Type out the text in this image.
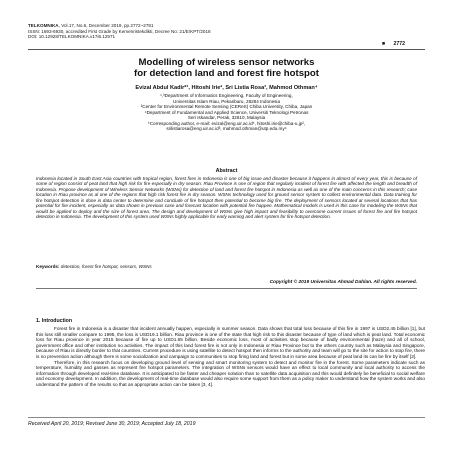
TELKOMNIKA, Vol.17, No.6, December 2019, pp.2772~2781
ISSN: 1693-6930, accredited First Grade by Kemenristekdikti, Decree No: 21/E/KPT/2018
DOI: 10.12928/TELKOMNIKA.v17i6.12971
■ 2772
Modelling of wireless sensor networks
for detection land and forest fire hotspot
Evizal Abdul Kadir*¹, Hitoshi Irie², Sri Listia Rosa³, Mahmod Othman⁴
¹,³Department of Informatics Engineering, Faculty of Engineering,
Universitas Islam Riau, Pekanbaru, 28284 Indonesia
²Center for Environmental Remote Sensing (CEReS) Chiba University, Chiba, Japan
⁴Department of Fundamental and Applied Science, Universiti Teknologi Petronas
Seri Iskandar, Perak, 32610, Malaysia
*Corresponding author, e-mail: evizal@eng.uir.ac.id*, hitoshi.irie@chiba-u.jp²,
srilistiarosa@eng.uir.ac.id³, mahmod.othman@utp.edu.my⁴
Abstract
Indonesia located in South East Asia countries with tropical region, forest fires in Indonesia is one of big issue and disaster because it happens in almost of every year, this is because of some of region consist of peat land that high risk for fire especially in dry season. Riau Province is one of region that regularly incident of forest fire with affected the length and breadth of Indonesia. Propose development of Wireless Sensor Networks (WSNs) for detection of land and forest fire hotspot in Indonesia as well as one of the main concerns in this research; case location in Riau province as al one of the regions that high risk forest fire in dry season. WSNs technology used for ground sensor system to collect environmental data. Data training for fire hotspot detection is done in data center to determine and conclude of fire hotspot then potential to become big fire. The deployment of sensors located at several locations that has potential for fire incident, especially as data shown in previous case and forecast location with potential fire happen. Mathematical models is used in this case for modeling the WSNs that would be applied to deploy and the size of forest area. The design and development of WSNs give high impact and feasibility to overcome current issues of forest fire and fire hotspot detection in Indonesia. The development of this system used WSNs highly applicable for early warning and alert system for fire hotspot detection.
Keywords: detection, forest fire hotspot, sensors, WSNs
Copyright © 2019 Universitas Ahmad Dahlan. All rights reserved.
1. Introduction

Forest fire in Indonesia is a disaster that incident annually happen, especially in summer season. Data shows that total loss because of this fire in 1997 is USD2.45 billion [1], but this loss still smaller compare to 1995, the loss is USD19.1 billion. Riau province is one of the state that high risk to this disaster because of type of land which is peat land. Total economic loss for Riau province in year 2015 because of fire up to USD1.65 billion. Beside economic loss, most of activities stop because of badly environmental (haze) and all of school, government office and other institution no activities. The impact of this land forest fire is not only in Indonesia or Riau Province but to the others country such as Malaysia and Singapore, because of Riau is directly border to that countries. Current procedure is using satellite to detect hotspot then informs to the authority and team will go to the site for action to stop fire, there is no prevention action although there is some socialization and campaign to communities to stop firing land and forest but in some area because of peat land its can be fire by itself [2].

Therefore, in this research focus on developing ground level of sensing and smart monitoring system to detect and monitor fire in the forest. Some parameters indicate such as temperature, humidity and gasses as represent fire hotspot parameters. The integration of WSNs sensors would have an effect to local community and local authority to access the information through developed real-time database. It is anticipated to be faster and cheaper solution than to satellite data acquisition and this would definitely be beneficial to social welfare and economy development. In addition, the development of real-time database would also require some support from them as a policy maker to understand how the system works and also understand the pattern of the results so that an appropriate action can be taken [3, 4].

Received April 20, 2019; Revised June 30, 2019; Accepted July 18, 2019
